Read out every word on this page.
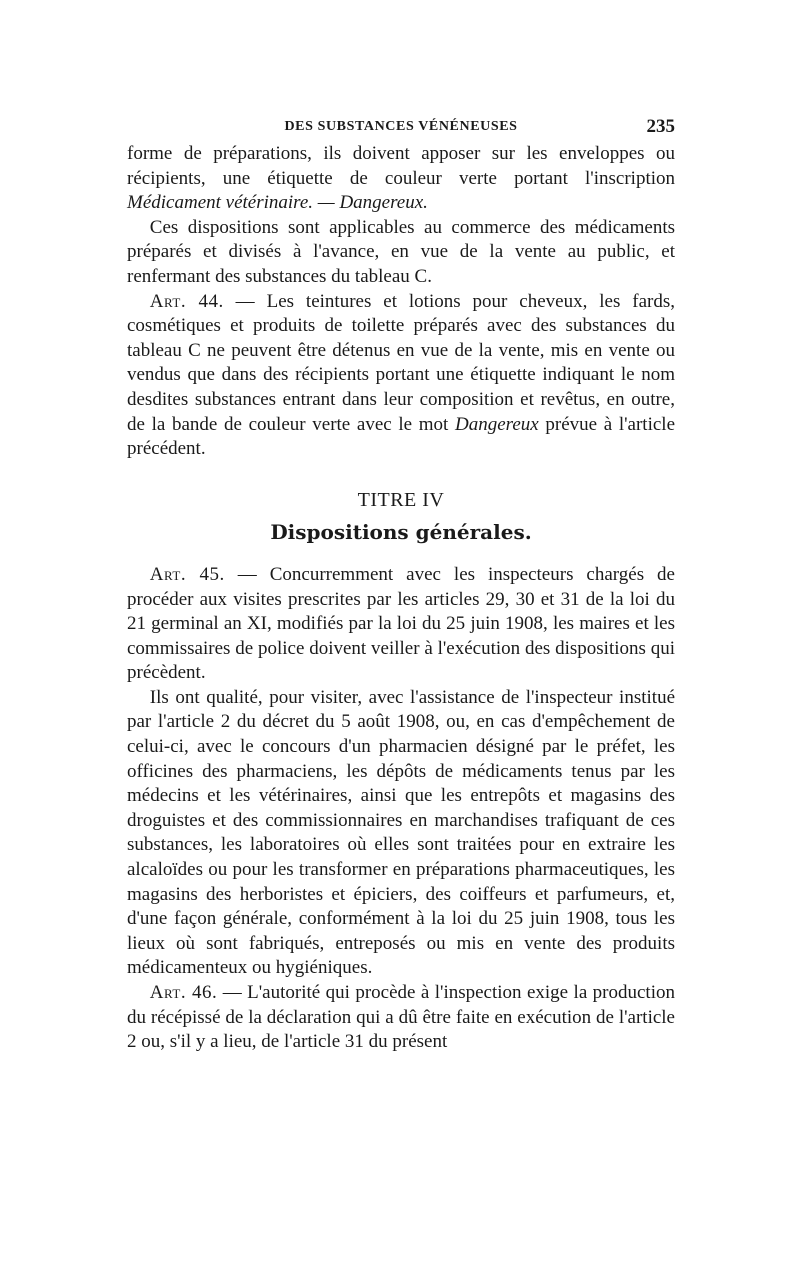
DES SUBSTANCES VÉNÉNEUSES	235

forme de préparations, ils doivent apposer sur les enveloppes ou récipients, une étiquette de couleur verte portant l'inscription Médicament vétérinaire. — Dangereux.

Ces dispositions sont applicables au commerce des médicaments préparés et divisés à l'avance, en vue de la vente au public, et renfermant des substances du tableau C.

Art. 44. — Les teintures et lotions pour cheveux, les fards, cosmétiques et produits de toilette préparés avec des substances du tableau C ne peuvent être détenus en vue de la vente, mis en vente ou vendus que dans des récipients portant une étiquette indiquant le nom desdites substances entrant dans leur composition et revêtus, en outre, de la bande de couleur verte avec le mot Dangereux prévue à l'article précédent.

TITRE IV
Dispositions générales.

Art. 45. — Concurremment avec les inspecteurs chargés de procéder aux visites prescrites par les articles 29, 30 et 31 de la loi du 21 germinal an XI, modifiés par la loi du 25 juin 1908, les maires et les commissaires de police doivent veiller à l'exécution des dispositions qui précèdent.

Ils ont qualité, pour visiter, avec l'assistance de l'inspecteur institué par l'article 2 du décret du 5 août 1908, ou, en cas d'empêchement de celui-ci, avec le concours d'un pharmacien désigné par le préfet, les officines des pharmaciens, les dépôts de médicaments tenus par les médecins et les vétérinaires, ainsi que les entrepôts et magasins des droguistes et des commissionnaires en marchandises trafiquant de ces substances, les laboratoires où elles sont traitées pour en extraire les alcaloïdes ou pour les transformer en préparations pharmaceutiques, les magasins des herboristes et épiciers, des coiffeurs et parfumeurs, et, d'une façon générale, conformément à la loi du 25 juin 1908, tous les lieux où sont fabriqués, entreposés ou mis en vente des produits médicamenteux ou hygiéniques.

Art. 46. — L'autorité qui procède à l'inspection exige la production du récépissé de la déclaration qui a dû être faite en exécution de l'article 2 ou, s'il y a lieu, de l'article 31 du présent
